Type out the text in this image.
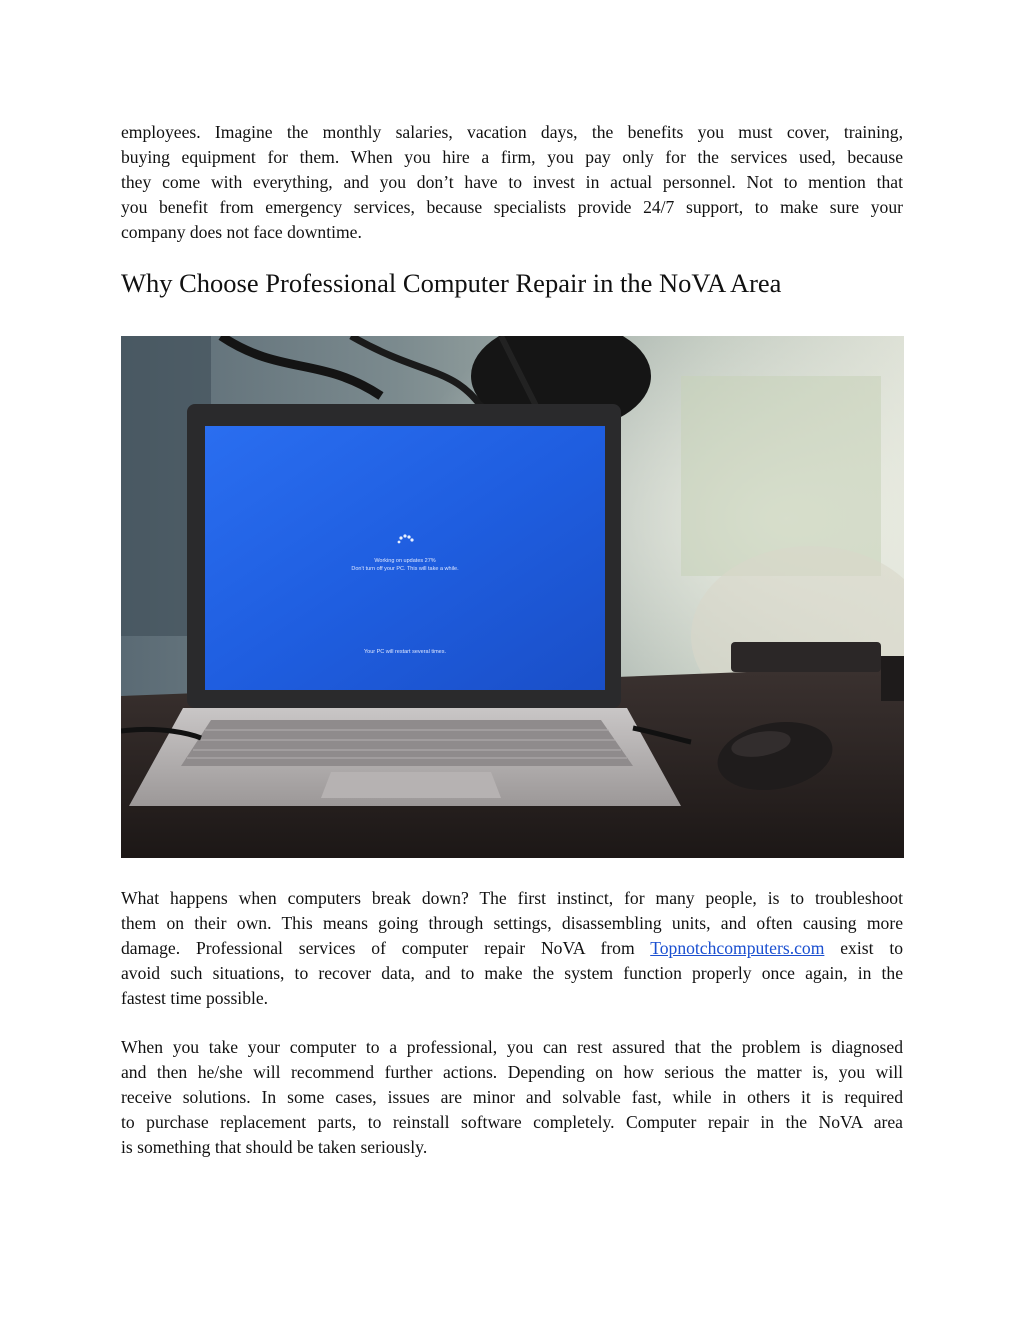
employees. Imagine the monthly salaries, vacation days, the benefits you must cover, training,
buying equipment for them. When you hire a firm, you pay only for the services used, because
they come with everything, and you don’t have to invest in actual personnel. Not to mention that
you benefit from emergency services, because specialists provide 24/7 support, to make sure your
company does not face downtime.

Why Choose Professional Computer Repair in the NoVA Area
Working on updates 27%
Don't turn off your PC. This will take a while.
Your PC will restart several times.

What happens when computers break down? The first instinct, for many people, is to troubleshoot
them on their own. This means going through settings, disassembling units, and often causing more
damage. Professional services of computer repair NoVA from Topnotchcomputers.com exist to
avoid such situations, to recover data, and to make the system function properly once again, in the
fastest time possible.

When you take your computer to a professional, you can rest assured that the problem is diagnosed
and then he/she will recommend further actions. Depending on how serious the matter is, you will
receive solutions. In some cases, issues are minor and solvable fast, while in others it is required
to purchase replacement parts, to reinstall software completely. Computer repair in the NoVA area
is something that should be taken seriously.
